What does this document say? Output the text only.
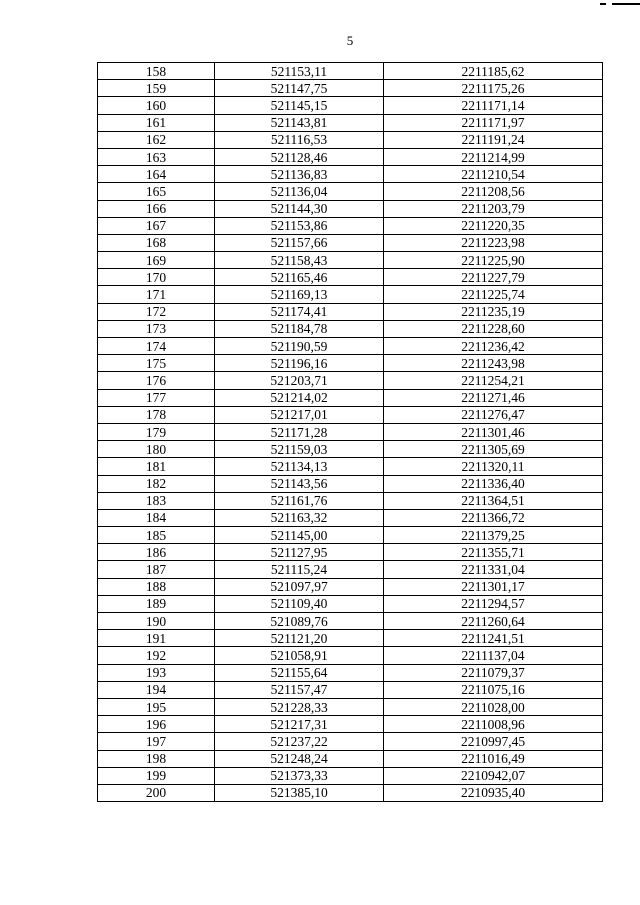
5
158	521153,11	2211185,62
159	521147,75	2211175,26
160	521145,15	2211171,14
161	521143,81	2211171,97
162	521116,53	2211191,24
163	521128,46	2211214,99
164	521136,83	2211210,54
165	521136,04	2211208,56
166	521144,30	2211203,79
167	521153,86	2211220,35
168	521157,66	2211223,98
169	521158,43	2211225,90
170	521165,46	2211227,79
171	521169,13	2211225,74
172	521174,41	2211235,19
173	521184,78	2211228,60
174	521190,59	2211236,42
175	521196,16	2211243,98
176	521203,71	2211254,21
177	521214,02	2211271,46
178	521217,01	2211276,47
179	521171,28	2211301,46
180	521159,03	2211305,69
181	521134,13	2211320,11
182	521143,56	2211336,40
183	521161,76	2211364,51
184	521163,32	2211366,72
185	521145,00	2211379,25
186	521127,95	2211355,71
187	521115,24	2211331,04
188	521097,97	2211301,17
189	521109,40	2211294,57
190	521089,76	2211260,64
191	521121,20	2211241,51
192	521058,91	2211137,04
193	521155,64	2211079,37
194	521157,47	2211075,16
195	521228,33	2211028,00
196	521217,31	2211008,96
197	521237,22	2210997,45
198	521248,24	2211016,49
199	521373,33	2210942,07
200	521385,10	2210935,40
